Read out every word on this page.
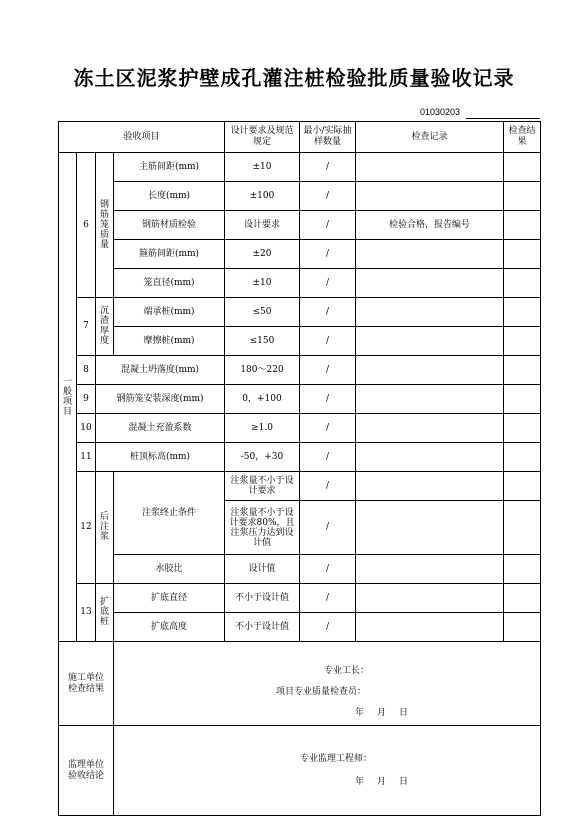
冻土区泥浆护壁成孔灌注桩检验批质量验收记录
01030203
验收项目				设计要求及规范规定	最小/实际抽样数量	检查记录	检查结果
一般项目	6	钢筋笼质量	主筋间距(mm)	±10	/		
			长度(mm)	±100	/		
			钢筋材质检验	设计要求	/	检验合格，报告编号	
			箍筋间距(mm)	±20	/		
			笼直径(mm)	±10	/		
	7	沉渣厚度	端承桩(mm)	≤50	/		
			摩擦桩(mm)	≤150	/		
	8	混凝土坍落度(mm)		180～220	/		
	9	钢筋笼安装深度(mm)		0，+100	/		
	10	混凝土充盈系数		≥1.0	/		
	11	桩顶标高(mm)		-50，+30	/		
	12	后注浆	注浆终止条件	注浆量不小于设计要求	/		
				注浆量不小于设计要求80%，且注浆压力达到设计值	/		
			水胶比	设计值	/		
	13	扩底桩	扩底直径	不小于设计值	/		
			扩底高度	不小于设计值	/		
施工单位检查结果			专业工长：
项目专业质量检查员：
年　月　日				

监理单位验收结论			专业监理工程师：
年　月　日				
